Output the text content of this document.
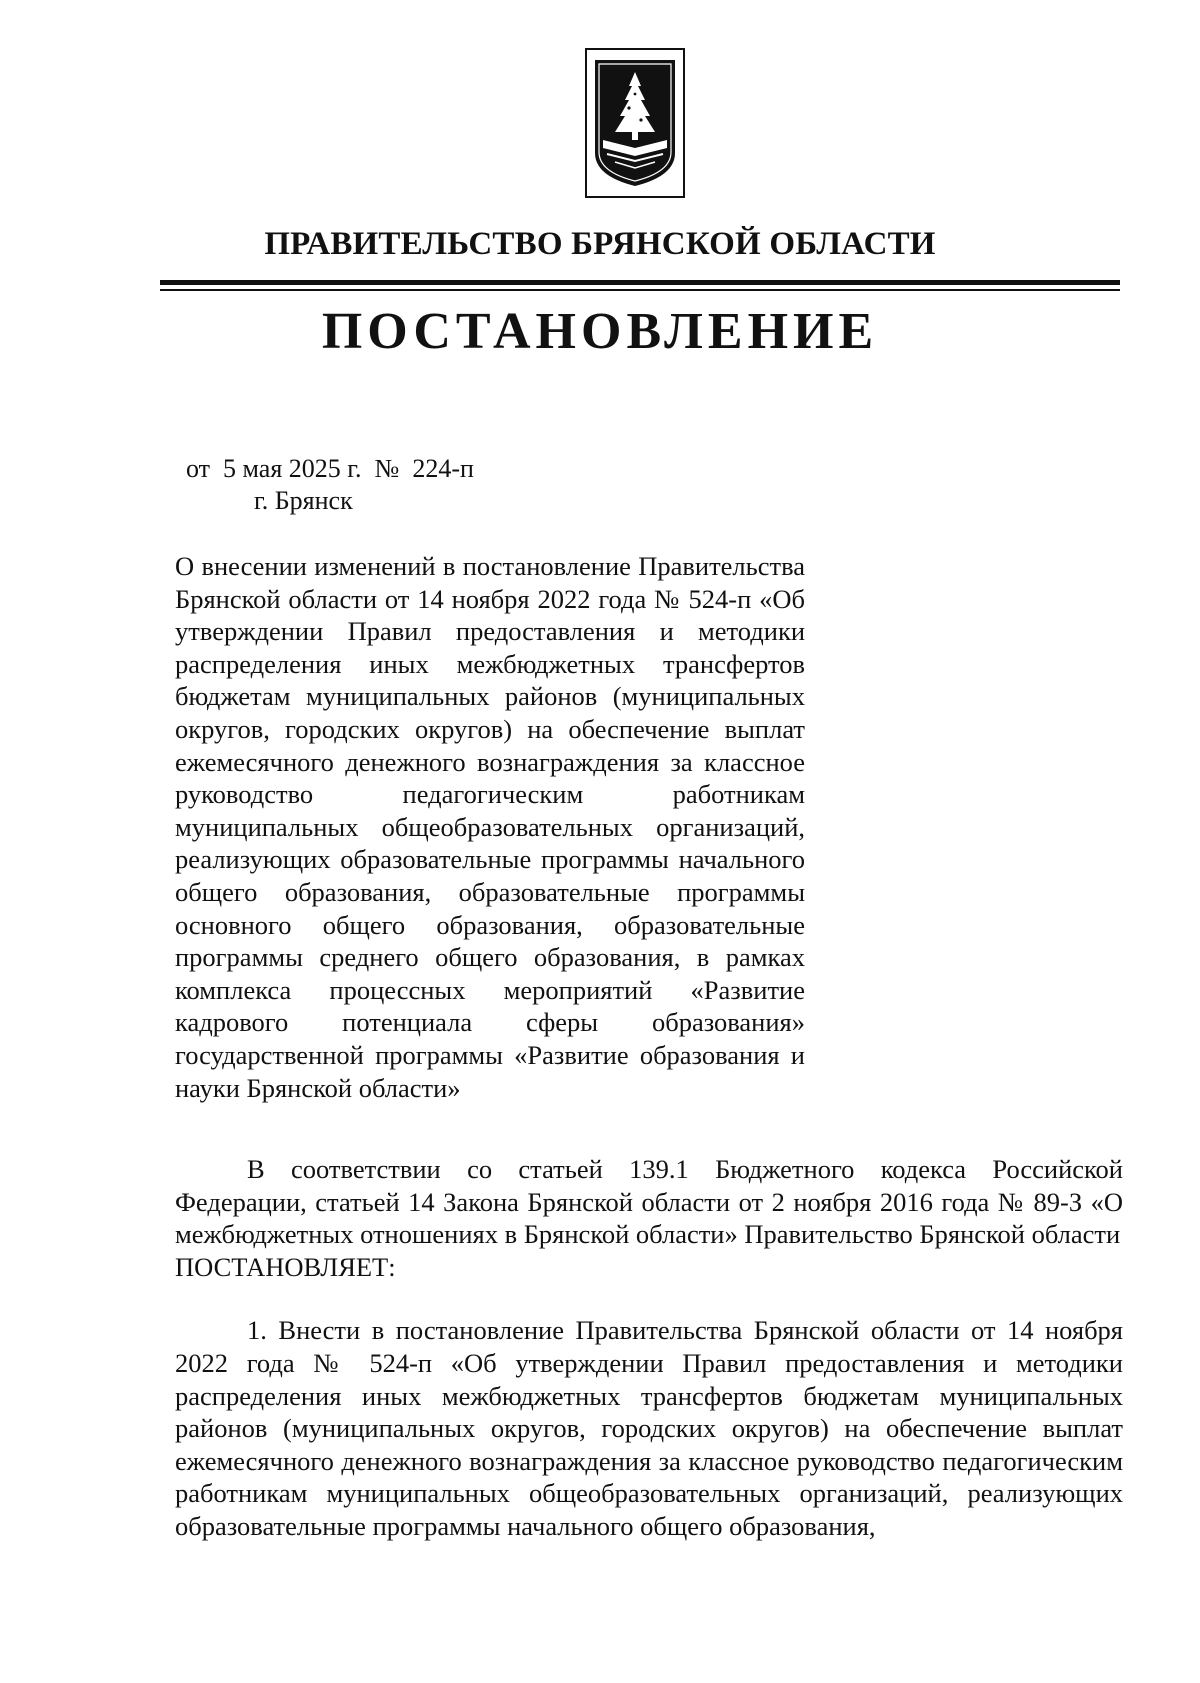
ПРАВИТЕЛЬСТВО БРЯНСКОЙ ОБЛАСТИ
ПОСТАНОВЛЕНИЕ
от  5 мая 2025 г.  №  224-п
г. Брянск
О внесении изменений в постановление Правительства Брянской области от 14 ноября 2022 года № 524-п «Об утверждении Правил предоставления и методики распределения иных межбюджетных трансфертов бюджетам муниципальных районов (муниципальных округов, городских округов) на обеспечение выплат ежемесячного денежного вознаграждения за классное руководство педагогическим работникам муниципальных общеобразовательных организаций, реализующих образовательные программы начального общего образования, образовательные программы основного общего образования, образовательные программы среднего общего образования, в рамках комплекса процессных мероприятий «Развитие кадрового потенциала сферы образования» государственной программы «Развитие образования и науки Брянской области»

В соответствии со статьей 139.1 Бюджетного кодекса Российской Федерации, статьей 14 Закона Брянской области от 2 ноября 2016 года № 89-З «О межбюджетных отношениях в Брянской области» Правительство Брянской области

ПОСТАНОВЛЯЕТ:

1. Внести в постановление Правительства Брянской области от 14 ноября 2022 года № 524-п «Об утверждении Правил предоставления и методики распределения иных межбюджетных трансфертов бюджетам муниципальных районов (муниципальных округов, городских округов) на обеспечение выплат ежемесячного денежного вознаграждения за классное руководство педагогическим работникам муниципальных общеобразовательных организаций, реализующих образовательные программы начального общего образования,
